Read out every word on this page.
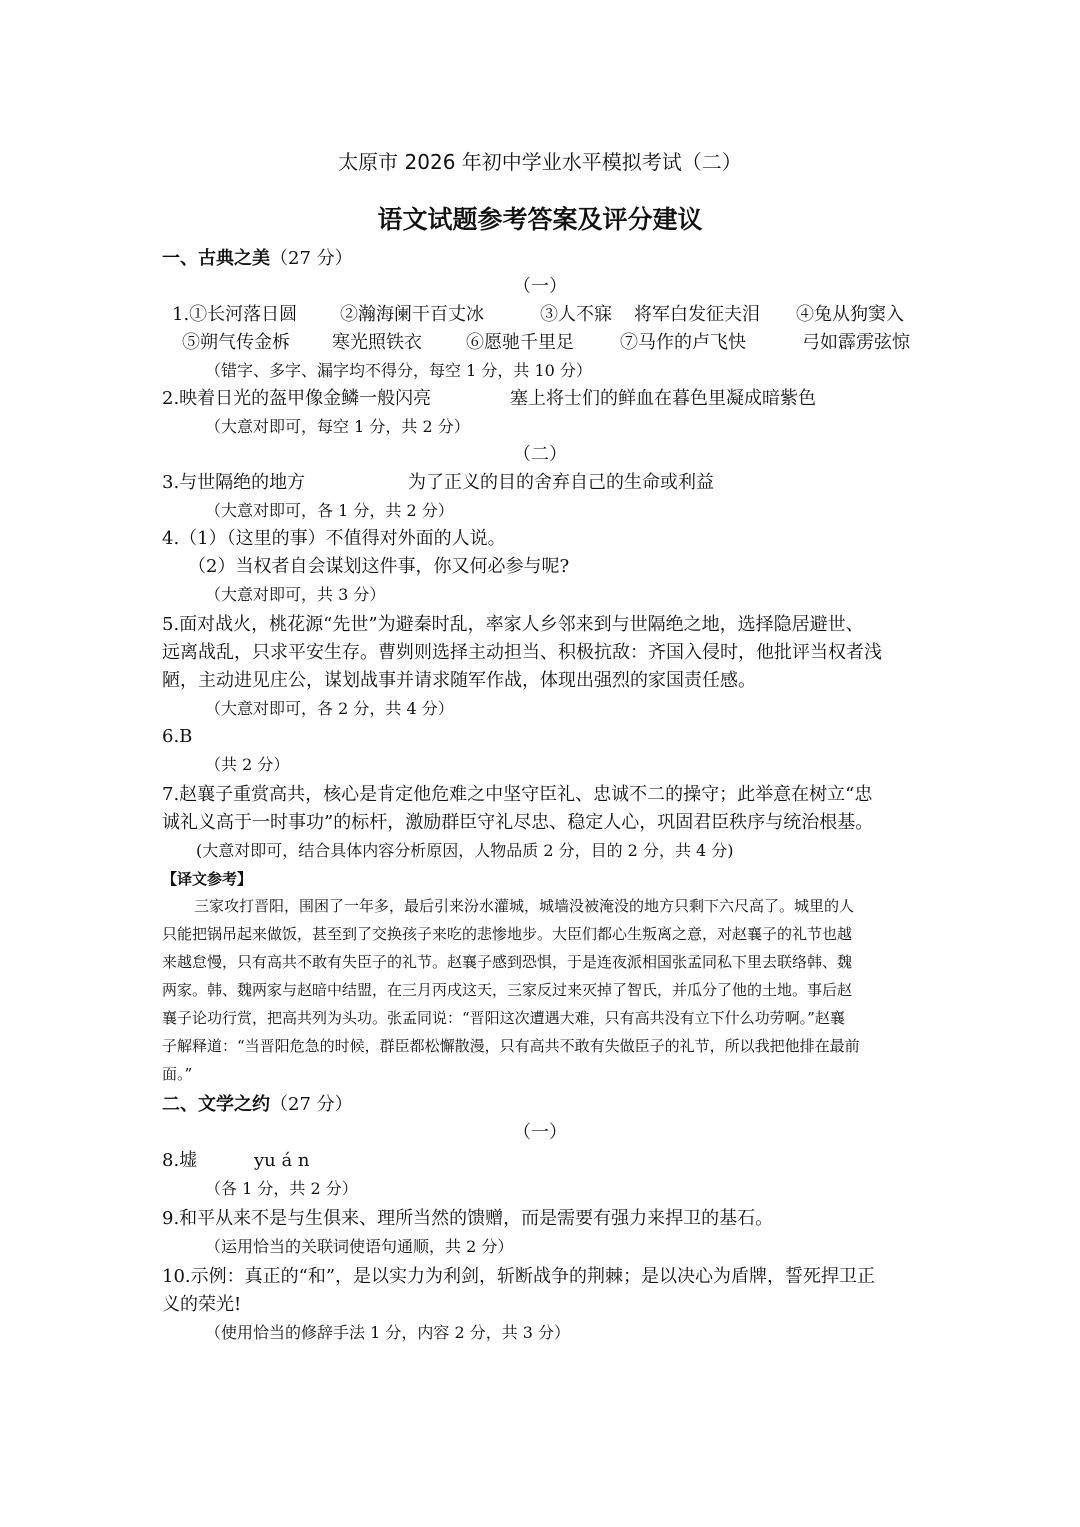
太原市 2026 年初中学业水平模拟考试（二）
语文试题参考答案及评分建议
一、古典之美（27 分）
（一）
1.①长河落日圆 ②瀚海阑干百丈冰	③人不寐 将军白发征夫泪 ④兔从狗窦入
⑤朔气传金柝 寒光照铁衣 ⑥愿驰千里足	⑦马作的卢飞快	弓如霹雳弦惊
（错字、多字、漏字均不得分，每空 1 分，共 10 分）
2.映着日光的盔甲像金鳞一般闪亮	塞上将士们的鲜血在暮色里凝成暗紫色
（大意对即可，每空 1 分，共 2 分）
（二）
3.与世隔绝的地方	为了正义的目的舍弃自己的生命或利益
（大意对即可，各 1 分，共 2 分）
4.（1）（这里的事）不值得对外面的人说。
（2）当权者自会谋划这件事，你又何必参与呢?
（大意对即可，共 3 分）
5.面对战火，桃花源“先世”为避秦时乱，率家人乡邻来到与世隔绝之地，选择隐居避世、
远离战乱，只求平安生存。曹刿则选择主动担当、积极抗敌：齐国入侵时，他批评当权者浅
陋，主动进见庄公，谋划战事并请求随军作战，体现出强烈的家国责任感。
（大意对即可，各 2 分，共 4 分）
6.B
（共 2 分）
7.赵襄子重赏高共，核心是肯定他危难之中坚守臣礼、忠诚不二的操守；此举意在树立“忠
诚礼义高于一时事功”的标杆，激励群臣守礼尽忠、稳定人心，巩固君臣秩序与统治根基。
(大意对即可，结合具体内容分析原因，人物品质 2 分，目的 2 分，共 4 分)
【译文参考】
三家攻打晋阳，围困了一年多，最后引来汾水灌城，城墙没被淹没的地方只剩下六尺高了。城里的人
只能把锅吊起来做饭，甚至到了交换孩子来吃的悲惨地步。大臣们都心生叛离之意，对赵襄子的礼节也越
来越怠慢，只有高共不敢有失臣子的礼节。赵襄子感到恐惧，于是连夜派相国张孟同私下里去联络韩、魏
两家。韩、魏两家与赵暗中结盟，在三月丙戌这天，三家反过来灭掉了智氏，并瓜分了他的土地。事后赵
襄子论功行赏，把高共列为头功。张孟同说：“晋阳这次遭遇大难，只有高共没有立下什么功劳啊。”赵襄
子解释道：“当晋阳危急的时候，群臣都松懈散漫，只有高共不敢有失做臣子的礼节，所以我把他排在最前
面。”
二、文学之约（27 分）
（一）
8.墟	yu á n
（各 1 分，共 2 分）
9.和平从来不是与生俱来、理所当然的馈赠，而是需要有强力来捍卫的基石。
（运用恰当的关联词使语句通顺，共 2 分）
10.示例：真正的“和”，是以实力为利剑，斩断战争的荆棘；是以决心为盾牌，誓死捍卫正
义的荣光!
（使用恰当的修辞手法 1 分，内容 2 分，共 3 分）
